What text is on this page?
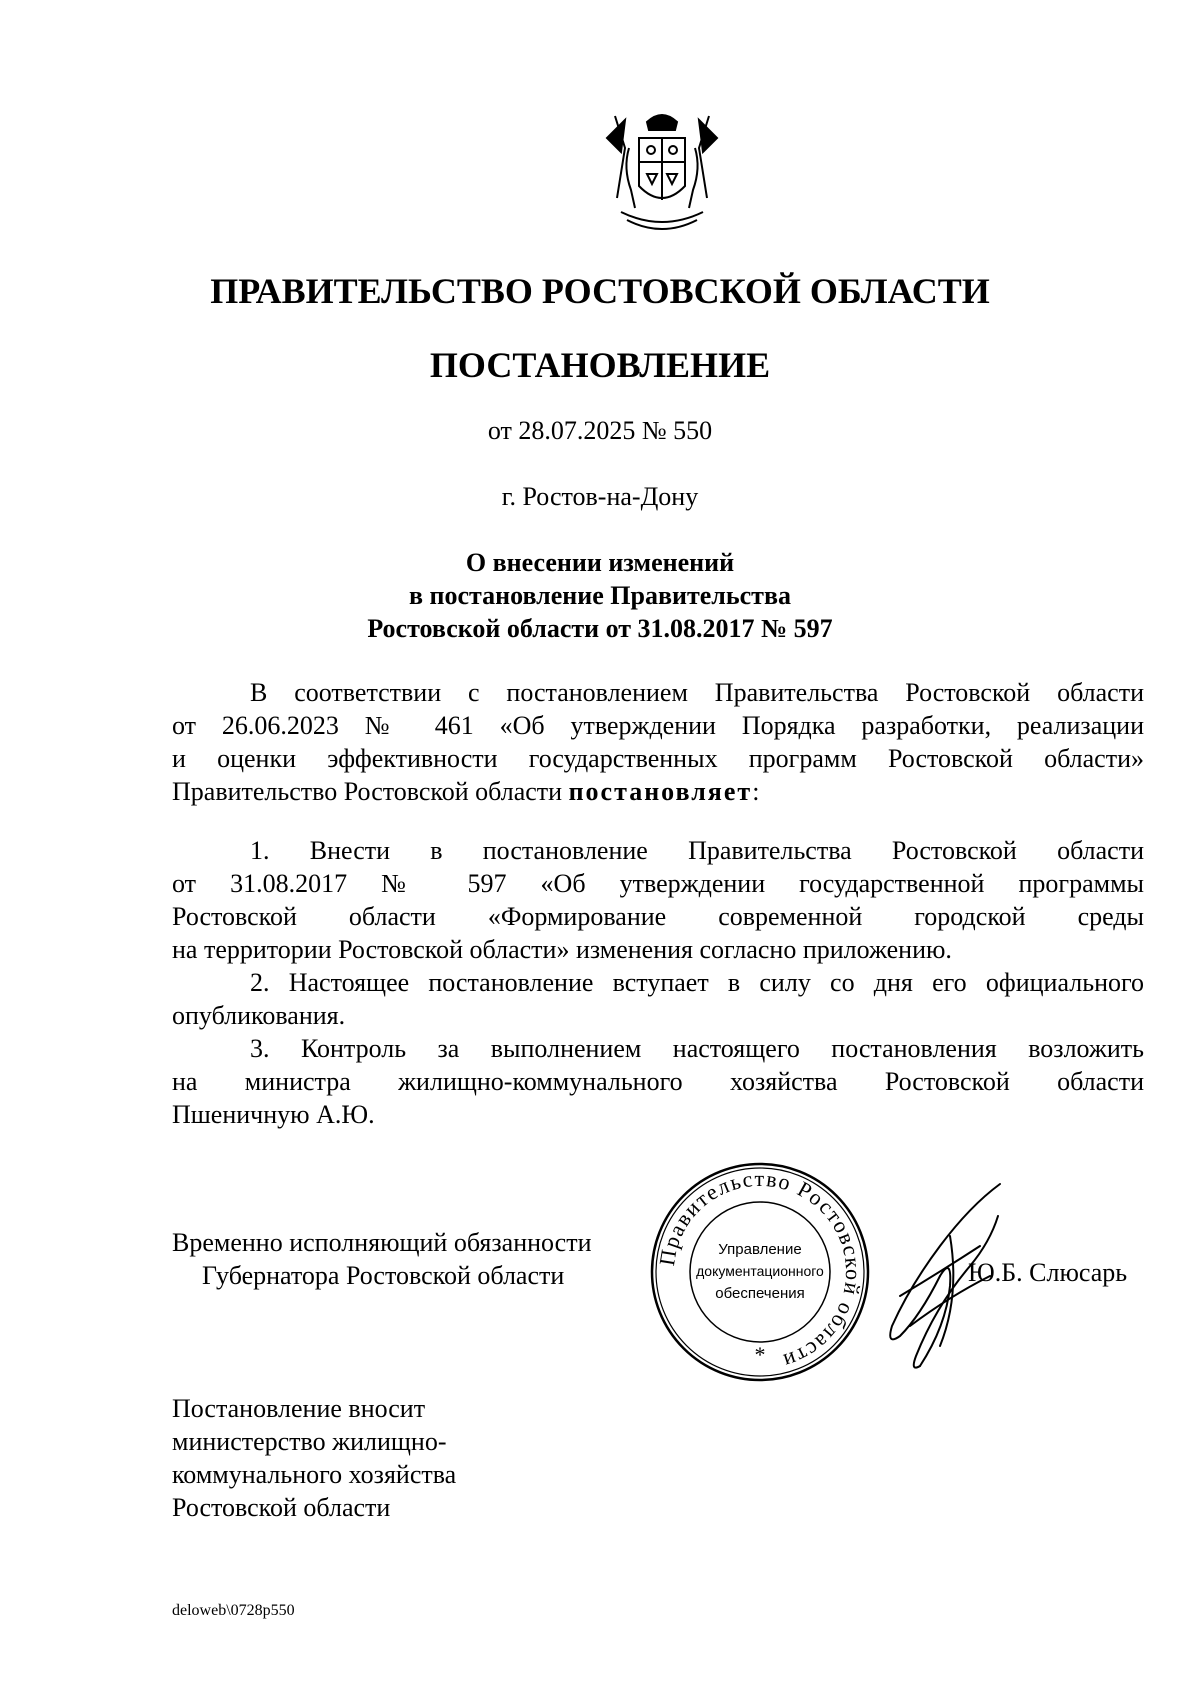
ПРАВИТЕЛЬСТВО РОСТОВСКОЙ ОБЛАСТИ
ПОСТАНОВЛЕНИЕ
от 28.07.2025 № 550
г. Ростов-на-Дону
О внесении изменений
в постановление Правительства
Ростовской области от 31.08.2017 № 597
В соответствии с постановлением Правительства Ростовской области
от 26.06.2023 № 461 «Об утверждении Порядка разработки, реализации
и оценки эффективности государственных программ Ростовской области»
Правительство Ростовской области постановляет:
1. Внести в постановление Правительства Ростовской области
от 31.08.2017 № 597 «Об утверждении государственной программы
Ростовской области «Формирование современной городской среды
на территории Ростовской области» изменения согласно приложению.
2. Настоящее постановление вступает в силу со дня его официального
опубликования.
3. Контроль за выполнением настоящего постановления возложить
на министра жилищно-коммунального хозяйства Ростовской области
Пшеничную А.Ю.
Временно исполняющий обязанности
Губернатора Ростовской области
Правительство Ростовской области
Управление
документационного
обеспечения
*
Ю.Б. Слюсарь
Постановление вносит
министерство жилищно-
коммунального хозяйства
Ростовской области
deloweb\0728p550
